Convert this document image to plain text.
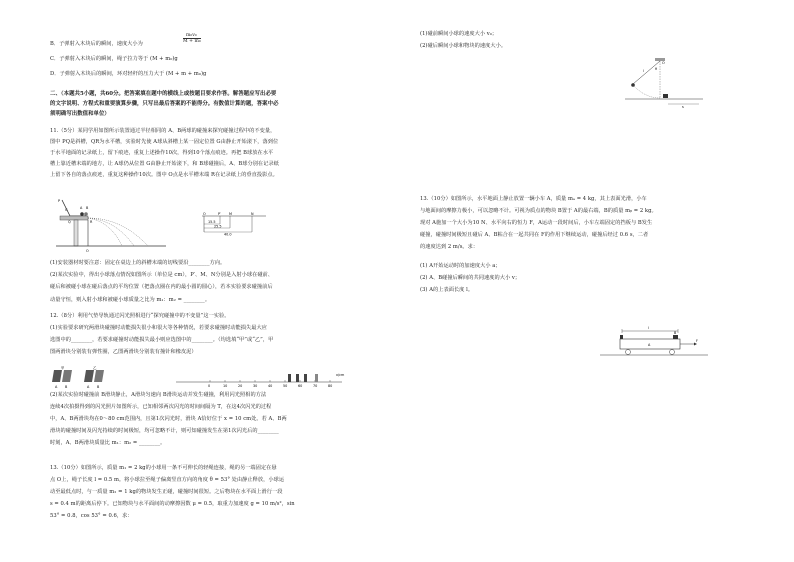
m₀v₀
M + m₀
B．子弹射入木块后的瞬间，速度大小为
C．子弹射入木块后的瞬间，绳子拉力等于 (M + m₀)g
D．子弹射入木块后的瞬间，环对轻杆的压力大于 (M + m + m₀)g
二、（本题共5小题，共60分。把答案填在题中的横线上或按题目要求作答。解答题应写出必要
的文字说明、方程式和重要演算步骤，只写出最后答案的不能得分。有数值计算的题，答案中必
须明确写出数值和单位）
11.（5分）某同学用如图所示装置通过半径相同的 A、B两球的碰撞来探究碰撞过程中的不变量，
图中 PQ是斜槽，QR为水平槽，实验时先使 A球从斜槽上某一固定位置 G由静止开始滚下，落到位
于水平地面的记录纸上，留下痕迹，重复上述操作10次，得到10个落点痕迹。再把 B球放在水平
槽上靠近槽末端的地方，让 A球仍从位置 G由静止开始滚下，和 B球碰撞后，A、B球分别在记录纸
上留下各自的落点痕迹，重复这种操作10次。图中 O点是水平槽末端 R在记录纸上的垂直投影点。
P
G	A B
Q	R
O
O	P′ M	N
15.5
25.5
40.0
(1)安装器材时要注意：固定在桌边上的斜槽末端的切线要沿________方向。
(2)某次实验中，得出小球落点情况如图所示（单位是 cm），P′、M、N分别是入射小球在碰前、
碰后和被碰小球在碰后落点的平均位置（把落点圈在内的最小圆的圆心），若本实验要求碰撞前后
动量守恒，则入射小球和被碰小球质量之比为 m₁：m₂ = ________。
12.（8分）利用气垫导轨通过闪光照相进行“探究碰撞中的不变量”这一实验。
(1)实验要求研究两滑块碰撞时动能损失很小和很大等各种情况，若要求碰撞时动能损失最大应
选图中的________，若要求碰撞时动能损失最小则应选图中的________。（均选填“甲”或“乙”，甲
图两滑块分别装有弹性圈，乙图两滑块分别装有撞针和橡皮泥）
A B
甲
A B
乙
0	10	20	30	40	50	60	70	80
x/cm
(2)某次实验时碰撞前 B滑块静止，A滑块匀速向 B滑块运动并发生碰撞，利用闪光照相的方法
连续4次拍摄得到的闪光照片如图所示，已知相邻两次闪光的时间间隔为 T，在这4次闪光的过程
中，A、B两滑块均在0～80 cm范围内，且第1次闪光时，滑块 A恰好位于 x = 10 cm处。若 A、B两
滑块的碰撞时间及闪光持续的时间极短，均可忽略不计，则可知碰撞发生在第1次闪光后的________
时刻，A、B两滑块质量比 m₁：m₂ = ________。
13.（10分）如图所示，质量 m₁ = 2 kg的小球用一条不可伸长的轻绳连接，绳的另一端固定在悬
点 O上，绳子长度 l = 0.5 m。将小球拉至绳子偏离竖直方向的角度 θ = 53° 处由静止释放，小球运
动至最低点时，与一质量 m₂ = 1 kg的物块发生正碰，碰撞时间很短。之后物块在水平面上滑行一段
s = 0.4 m的距离后停下。已知物块与水平面间的动摩擦因数 μ = 0.5，取重力加速度 g = 10 m/s²，sin
53° = 0.8，cos 53° = 0.6，求：
(1)碰前瞬间小球的速度大小 v₀；
(2)碰后瞬间小球和物块的速度大小。
O
l	θ
s
13.（10分）如图所示，水平地面上静止放置一辆小车 A，质量 mₐ = 4 kg，其上表面光滑，小车
与地面间的摩擦力极小，可以忽略不计。可视为质点的物块 B置于 A的最右端，B的质量 mᵦ = 2 kg。
现对 A施加一个大小为10 N、水平向右的恒力 F，A运动一段时间后，小车左端固定的挡板与 B发生
碰撞，碰撞时间极短且碰后 A、B粘合在一起共同在 F的作用下继续运动，碰撞后经过 0.6 s，二者
的速度达到 2 m/s。求：
(1) A开始运动时的加速度大小 a；
(2) A、B碰撞后瞬间的共同速度的大小 v；
(3) A的上表面长度 l。
l
A
B
F
